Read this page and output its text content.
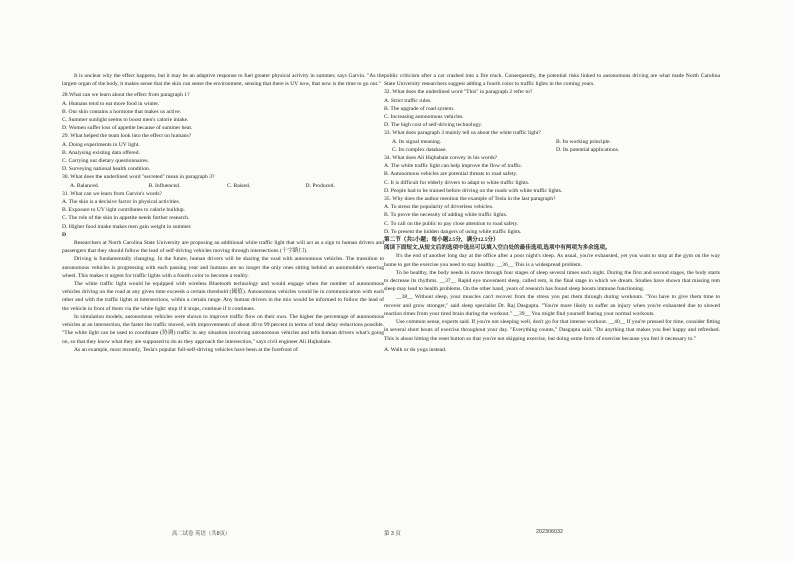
It is unclear why the effect happens, but it may be an adaptive response to fuel greater physical activity in summer, says Garvin. "As the largest organ of the body, it makes sense that the skin can sense the environment, sensing that there is UV now, that now is the time to go out."

28.What can we learn about the effect from paragraph 1?

A. Humans tend to eat more food in winter.

B. Our skin contains a hormone that makes us active.

C. Summer sunlight seems to boost men's calorie intake.

D. Women suffer loss of appetite because of summer heat.

29. What helped the team look into the effect on humans?

A. Doing experiments in UV light.

B. Analysing existing data offered.

C. Carrying out dietary questionnaires.

D. Surveying national health condition.

30. What does the underlined word "secreted" mean in paragraph 3?

A. Balanced.	B. Influenced.	C. Raised.	D. Produced.

31. What can we learn from Garvin's words?

A. The skin is a decisive factor in physical activities.

B. Exposure to UV light contributes to calorie buildup.

C. The role of the skin in appetite needs further research.

D. Higher food intake makes men gain weight in summer.

D

Researchers at North Carolina State University are proposing an additional white traffic light that will act as a sign to human drivers and passengers that they should follow the lead of self-driving vehicles moving through intersections (十字路口).

Driving is fundamentally changing. In the future, human drivers will be sharing the road with autonomous vehicles. The transition to autonomous vehicles is progressing with each passing year and humans are no longer the only ones sitting behind an automobile's steering wheel. This makes it urgent for traffic lights with a fourth color to become a reality.

The white traffic light would be equipped with wireless Bluetooth technology and would engage when the number of autonomous vehicles driving on the road at any given time exceeds a certain threshold (阈值). Autonomous vehicles would be in communication with each other and with the traffic lights at intersections, within a certain range. Any human drivers in the mix would be informed to follow the lead of the vehicle in front of them via the white light: stop if it stops, continue if it continues.

In simulation models, autonomous vehicles were shown to improve traffic flow on their own. The higher the percentage of autonomous vehicles at an intersection, the faster the traffic moved, with improvements of about 40 to 99 percent in terms of total delay reductions possible. "The white light can be used to coordinate (协调) traffic in any situation involving autonomous vehicles and tells human drivers what's going on, so that they know what they are supposed to do as they approach the intersection," says civil engineer Ali Hajbabaie.

As an example, most recently, Tesla's popular full-self-driving vehicles have been at the forefront of

public criticism after a car crashed into a fire truck. Consequently, the potential risks linked to autonomous driving are what made North Carolina State University researchers suggest adding a fourth color to traffic lights in the coming years.

32. What does the underlined word "This" in paragraph 2 refer to?

A. Strict traffic rules.

B. The upgrade of road system.

C. Increasing autonomous vehicles.

D. The high cost of self-driving technology.

33. What does paragraph 3 mainly tell us about the white traffic light?

A. Its signal meaning.	B. Its working principle.
C. Its complex database.	D. Its potential applications.

34. What does Ali Hajbabaie convey in his words?

A. The white traffic light can help improve the flow of traffic.

B. Autonomous vehicles are potential threats to road safety.

C. It is difficult for elderly drivers to adapt to white traffic lights.

D. People had to be trained before driving on the roads with white traffic lights.

35. Why does the author mention the example of Tesla in the last paragraph?

A. To stress the popularity of driverless vehicles.

B. To prove the necessity of adding white traffic lights.

C. To call on the public to pay close attention to road safety.

D. To present the hidden dangers of using white traffic lights.

第二节（共5小题；每小题2.5分，满分12.5分）

阅读下面短文,从短文后的选项中选出可以填入空白处的最佳选项,选项中有两项为多余选项。

It's the end of another long day at the office after a poor night's sleep. As usual, you're exhausted, yet you want to stop at the gym on the way home to get the exercise you need to stay healthy. __36__ This is a widespread problem.

To be healthy, the body needs to move through four stages of sleep several times each night. During the first and second stages, the body starts to decrease its rhythms. __37__ Rapid eye movement sleep, called rem, is the final stage in which we dream. Studies have shown that missing rem sleep may lead to health problems. On the other hand, years of research has found sleep boosts immune functioning.

__38__ Without sleep, your muscles can't recover from the stress you put them through during workouts. "You have to give them time to recover and grow stronger," said sleep specialist Dr. Raj Dasgupta. "You're more likely to suffer an injury when you're exhausted due to slowed reaction times from your tired brain during the workout." __39__ You might find yourself fearing your normal workouts.

Use common sense, experts said. If you're not sleeping well, don't go for that intense workout. __40__ If you're pressed for time, consider fitting in several short bouts of exercise throughout your day. "Everything counts," Dasgupta said. "Do anything that makes you feel happy and refreshed. This is about hitting the reset button so that you're not skipping exercise, but doing some form of exercise because you feel it necessary to."

A. Walk or do yoga instead.

高二试卷 英语（共8页）	第 3 页	202306032
